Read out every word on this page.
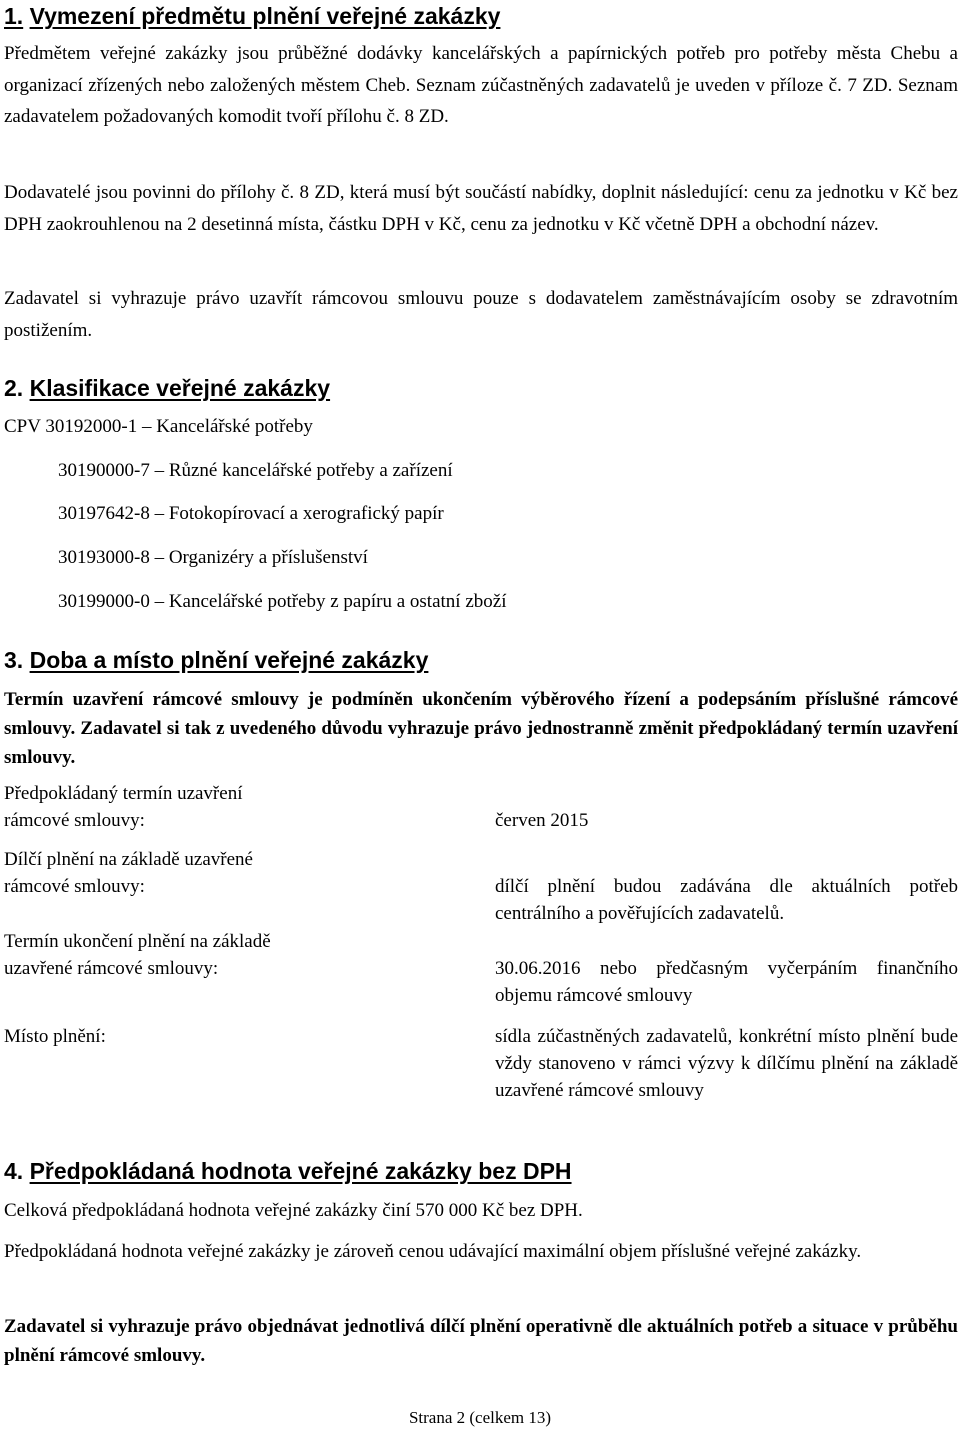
1. Vymezení předmětu plnění veřejné zakázky

Předmětem veřejné zakázky jsou průběžné dodávky kancelářských a papírnických potřeb pro potřeby města Chebu a organizací zřízených nebo založených městem Cheb. Seznam zúčastněných zadavatelů je uveden v příloze č. 7 ZD. Seznam zadavatelem požadovaných komodit tvoří přílohu č. 8 ZD.

Dodavatelé jsou povinni do přílohy č. 8 ZD, která musí být součástí nabídky, doplnit následující: cenu za jednotku v Kč bez DPH zaokrouhlenou na 2 desetinná místa, částku DPH v Kč, cenu za jednotku v Kč včetně DPH a obchodní název.

Zadavatel si vyhrazuje právo uzavřít rámcovou smlouvu pouze s dodavatelem zaměstnávajícím osoby se zdravotním postižením.

2. Klasifikace veřejné zakázky
CPV 30192000-1 – Kancelářské potřeby
30190000-7 – Různé kancelářské potřeby a zařízení
30197642-8 – Fotokopírovací a xerografický papír
30193000-8 – Organizéry a příslušenství
30199000-0 – Kancelářské potřeby z papíru a ostatní zboží
3. Doba a místo plnění veřejné zakázky

Termín uzavření rámcové smlouvy je podmíněn ukončením výběrového řízení a podepsáním příslušné rámcové smlouvy. Zadavatel si tak z uvedeného důvodu vyhrazuje právo jednostranně změnit předpokládaný termín uzavření smlouvy.

Předpokládaný termín uzavření
rámcové smlouvy:	červen 2015
Dílčí plnění na základě uzavřené
rámcové smlouvy:	dílčí plnění budou zadávána dle aktuálních potřeb centrálního a pověřujících zadavatelů.
Termín ukončení plnění na základě
uzavřené rámcové smlouvy:	30.06.2016 nebo předčasným vyčerpáním finančního objemu rámcové smlouvy
Místo plnění:	sídla zúčastněných zadavatelů, konkrétní místo plnění bude vždy stanoveno v rámci výzvy k dílčímu plnění na základě uzavřené rámcové smlouvy
4. Předpokládaná hodnota veřejné zakázky bez DPH

Celková předpokládaná hodnota veřejné zakázky činí 570 000 Kč bez DPH.

Předpokládaná hodnota veřejné zakázky je zároveň cenou udávající maximální objem příslušné veřejné zakázky.

Zadavatel si vyhrazuje právo objednávat jednotlivá dílčí plnění operativně dle aktuálních potřeb a situace v průběhu plnění rámcové smlouvy.

Strana 2 (celkem 13)
